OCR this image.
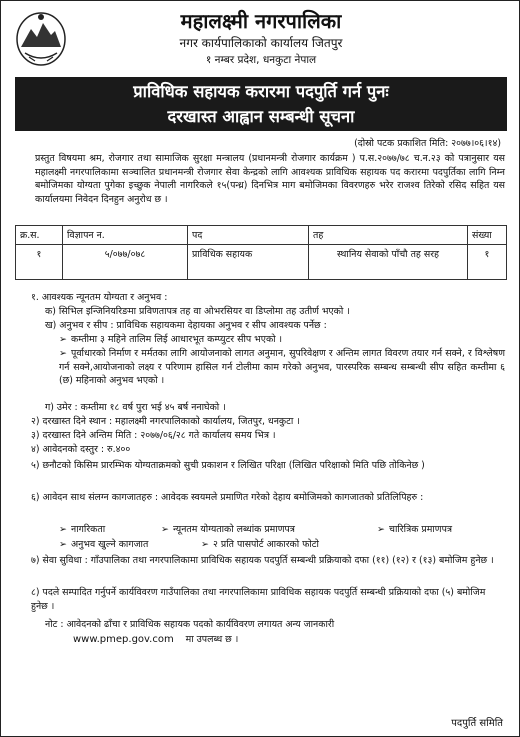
महालक्ष्मी नगरपालिका
नगर कार्यपालिकाको कार्यालय जितपुर
१ नम्बर प्रदेश, धनकुटा नेपाल
प्राविधिक सहायक करारमा पदपुर्ति गर्न पुनः
दरखास्त आह्वान सम्बन्धी सूचना
(दोस्रो पटक प्रकाशित मिति: २०७७।०६।१४)
प्रस्तुत विषयमा श्रम, रोजगार तथा सामाजिक सुरक्षा मन्त्रालय (प्रधानमन्त्री रोजगार कार्यक्रम ) प.स.२०७७/७८ च.न.२३ को पत्रानुसार यस महालक्ष्मी नगरपालिकामा सञ्चालित प्रधानमन्त्री रोजगार सेवा केन्द्रको लागि आवश्यक प्राविधिक सहायक पद करारमा पदपुर्तिका लागि निम्न बमोजिमका योग्यता पुगेका इच्छुक नेपाली नागरिकले १५(पन्ध्र) दिनभित्र माग बमोजिमका विवरणहरु भरेर राजश्व तिरेको रसिद सहित यस कार्यालयमा निवेदन दिनहुन अनुरोध छ ।
क्र.स.	विज्ञापन न.	पद	तह	संख्या
१	५/०७७/०७८	प्राविधिक सहायक	स्थानिय सेवाको पाँचौ तह सरह	१
१. आवश्यक न्यूनतम योग्यता र अनुभव :
क) सिभिल इन्जिनियरिङमा प्रविणतापत्र तह वा ओभरसियर वा डिप्लोमा तह उतीर्ण भएको ।
ख) अनुभव र सीप : प्राविधिक सहायकमा देहायका अनुभव र सीप आवश्यक पर्नेछ :
➢ कम्तीमा ३ महिने तालिम लिई आधारभूत कम्प्युटर सीप भएको ।
➢ पूर्वाधारको निर्माण र मर्मतका लागि आयोजनाको लागत अनुमान, सुपरिवेक्षण र अन्तिम लागत विवरण तयार गर्न सक्ने, र विश्लेषण गर्न सक्ने,आयोजनाको लक्ष्य र परिणाम हासिल गर्न टोलीमा काम गरेको अनुभव, पारस्परिक सम्बन्ध सम्बन्धी सीप सहित कम्तीमा ६ (छ) महिनाको अनुभव भएको ।
ग) उमेर : कम्तीमा १८ वर्ष पुरा भई ४५ बर्ष ननाघेको ।
२) दरखास्त दिने स्थान : महालक्ष्मी नगरपालिकाको कार्यालय, जितपुर, धनकुटा ।
३) दरखास्त दिने अन्तिम मिति : २०७७/०६/२८ गते कार्यालय समय भित्र ।
४) आवेदनको दस्तुर : रु.४००
५) छनौटको किसिम प्रारम्भिक योग्यताक्रमको सुची प्रकाशन र लिखित परिक्षा (लिखित परिक्षाको मिति पछि तोकिनेछ )
६) आवेदन साथ संलग्न कागजातहरु : आवेदक स्वयमले प्रमाणित गरेको देहाय बमोजिमको कागजातको प्रतिलिपिहरु :
➢ नागरिकता	➢ न्यूनतम योग्यताको लब्धांक प्रमाणपत्र	➢ चारित्रिक प्रमाणपत्र
➢ अनुभव खुल्ने कागजात	➢ २ प्रति पासपोर्ट आकारको फोटो
७) सेवा सुविधा : गाँउपालिका तथा नगरपालिकामा प्राविधिक सहायक पदपुर्ति सम्बन्धी प्रक्रियाको दफा (११) (१२) र (१३) बमोजिम हुनेछ ।
८) पदले सम्पादित गर्नुपर्ने कार्यविवरण गाउँपालिका तथा नगरपालिकामा प्राविधिक सहायक पदपुर्ति सम्बन्धी प्रक्रियाको दफा (५) बमोजिम हुनेछ ।
नोट : आवेदनको ढाँचा र प्राविधिक सहायक पदको कार्यविवरण लगायत अन्य जानकारी
www.pmep.gov.com मा उपलब्ध छ ।
पदपुर्ति समिति
